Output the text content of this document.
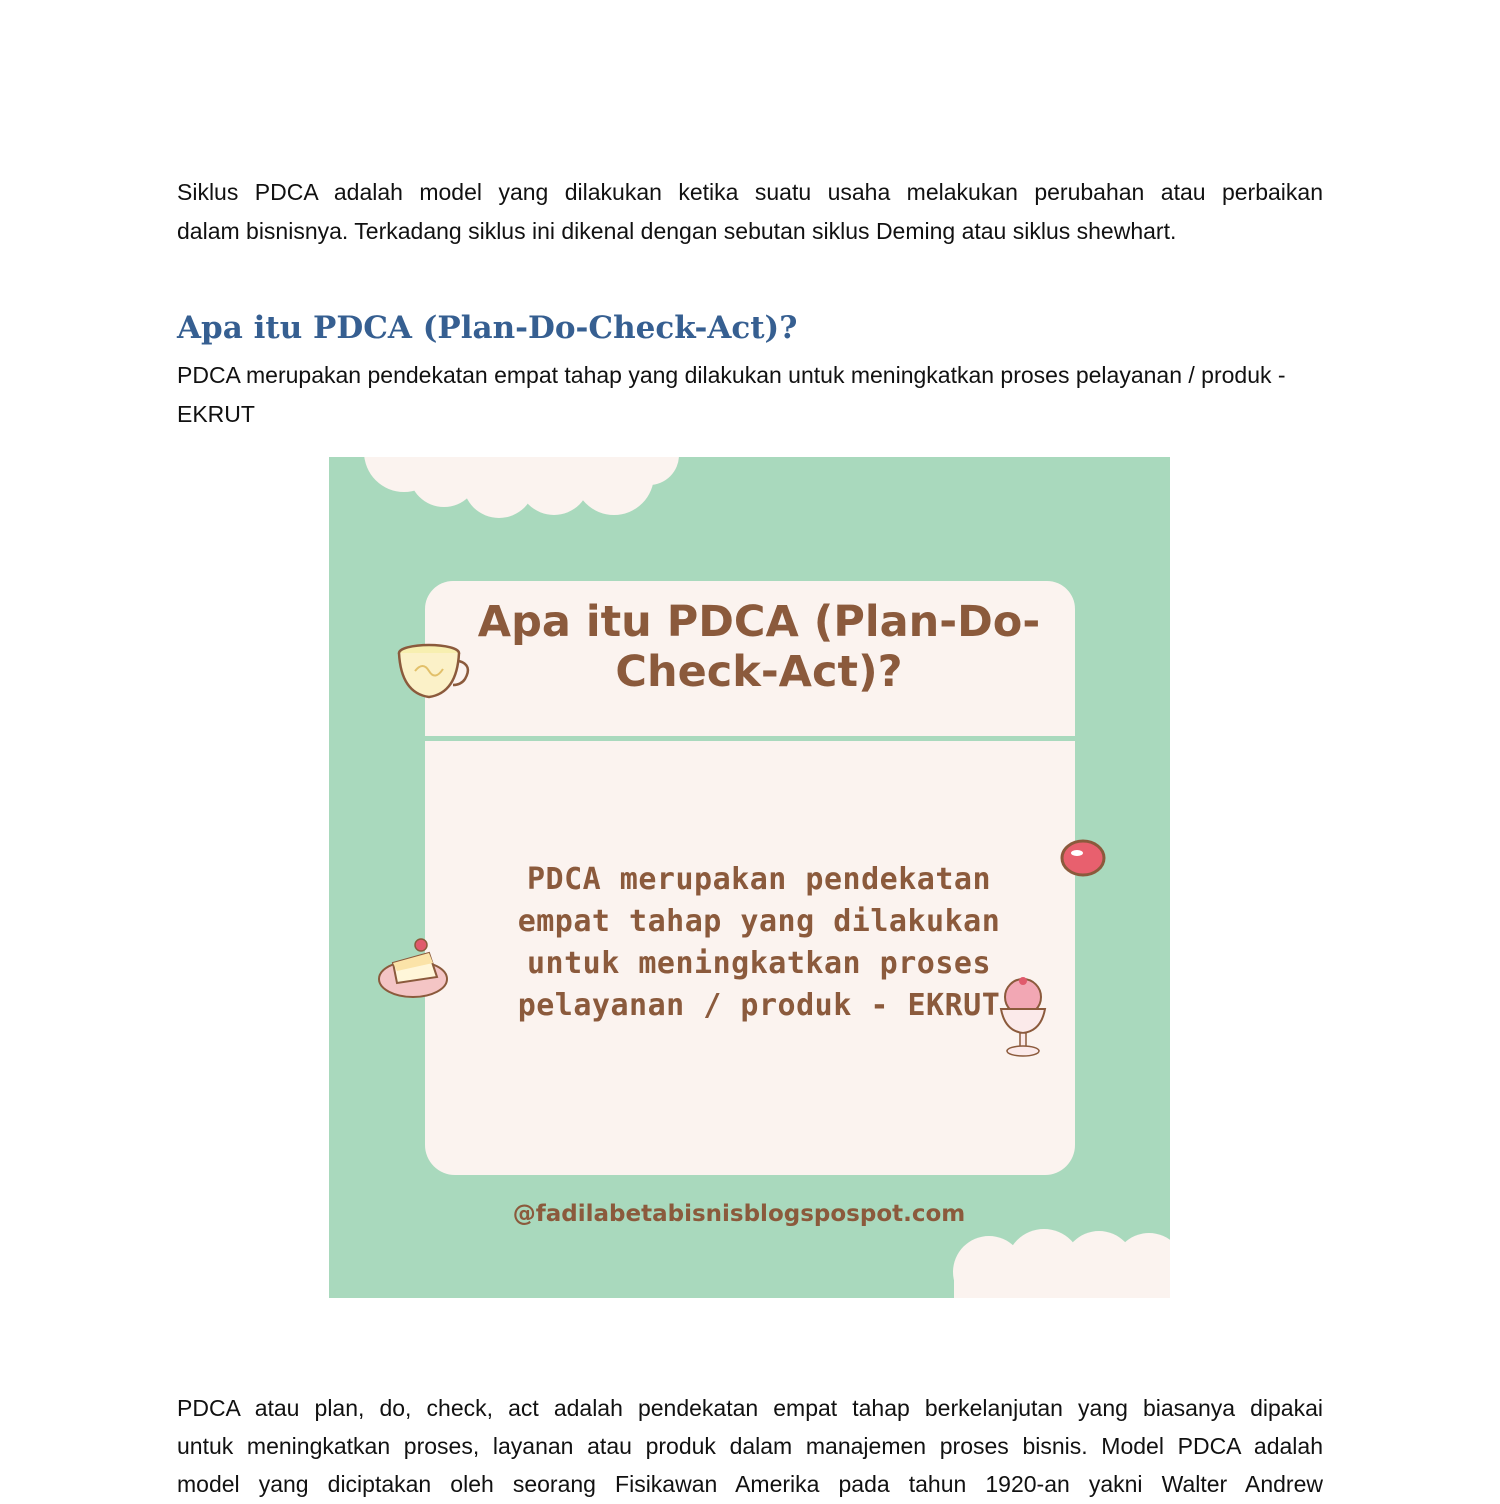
Siklus PDCA adalah model yang dilakukan ketika suatu usaha melakukan perubahan atau perbaikan

dalam bisnisnya. Terkadang siklus ini dikenal dengan sebutan siklus Deming atau siklus shewhart.

Apa itu PDCA (Plan-Do-Check-Act)?

PDCA merupakan pendekatan empat tahap yang dilakukan untuk meningkatkan proses pelayanan / produk - EKRUT

Apa itu PDCA (Plan-Do-Check-Act)?

PDCA merupakan pendekatan empat tahap yang dilakukan untuk meningkatkan proses pelayanan / produk - EKRUT

@fadilabetabisnisblogspospot.com

PDCA atau plan, do, check, act adalah pendekatan empat tahap berkelanjutan yang biasanya dipakai

untuk meningkatkan proses, layanan atau produk dalam manajemen proses bisnis. Model PDCA adalah

model yang diciptakan oleh seorang Fisikawan Amerika pada tahun 1920-an yakni Walter Andrew
